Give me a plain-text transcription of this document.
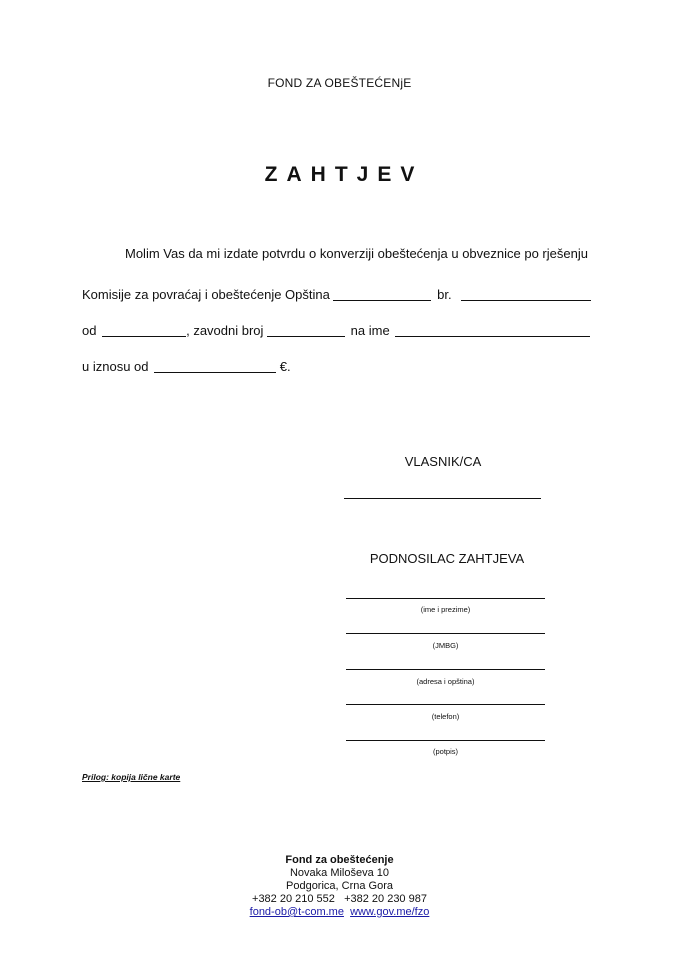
FOND ZA OBEŠTEĆENjE
ZAHTJEV
Molim Vas da mi izdate potvrdu o konverziji obeštećenja u obveznice po rješenju
Komisije za povraćaj i obeštećenje Opština	br.
od	, zavodni broj	na ime
u iznosu od	€.
VLASNIK/CA
PODNOSILAC ZAHTJEVA
(ime i prezime)
(JMBG)
(adresa i opština)
(telefon)
(potpis)
Prilog: kopija lične karte
Fond za obeštećenje
Novaka Miloševa 10
Podgorica, Crna Gora
+382 20 210 552   +382 20 230 987
fond-ob@t-com.me www.gov.me/fzo
